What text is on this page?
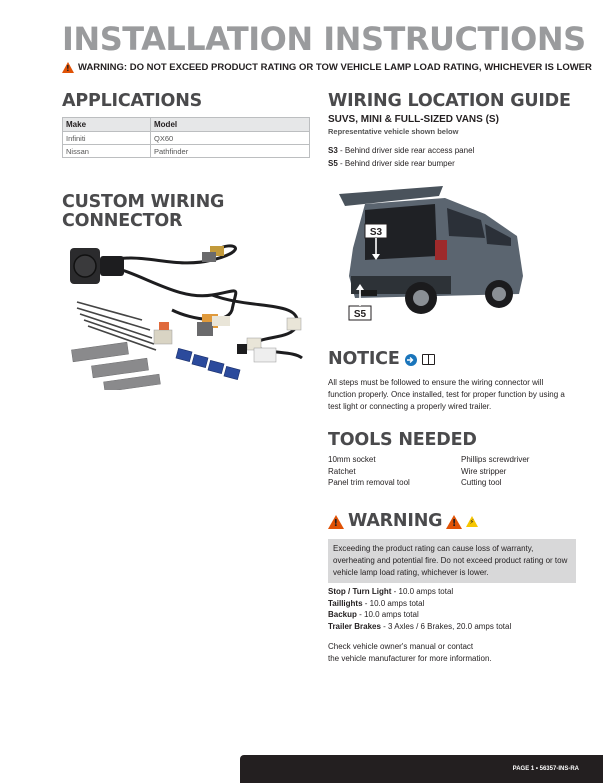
INSTALLATION INSTRUCTIONS
!
WARNING: DO NOT EXCEED PRODUCT RATING OR TOW VEHICLE LAMP LOAD RATING, WHICHEVER IS LOWER
APPLICATIONS
Make	Model
Infiniti	QX60
Nissan	Pathfinder
CUSTOM WIRING
CONNECTOR
WIRING LOCATION GUIDE
SUVS, MINI & FULL-SIZED VANS (S)
Representative vehicle shown below
S3 - Behind driver side rear access panel
S5 - Behind driver side rear bumper
S3
S5
NOTICE
All steps must be followed to ensure the wiring connector will function properly. Once installed, test for proper function by using a test light or connecting a properly wired trailer.
TOOLS NEEDED
10mm socket	Phillips screwdriver
Ratchet	Wire stripper
Panel trim removal tool	Cutting tool
!
WARNING
!
⚡
Exceeding the product rating can cause loss of warranty, overheating and potential fire. Do not exceed product rating or tow vehicle lamp load rating, whichever is lower.
Stop / Turn Light - 10.0 amps total
Taillights - 10.0 amps total
Backup - 10.0 amps total
Trailer Brakes - 3 Axles / 6 Brakes, 20.0 amps total
Check vehicle owner's manual or contact
the vehicle manufacturer for more information.
PAGE 1 • 56357-INS-RA
